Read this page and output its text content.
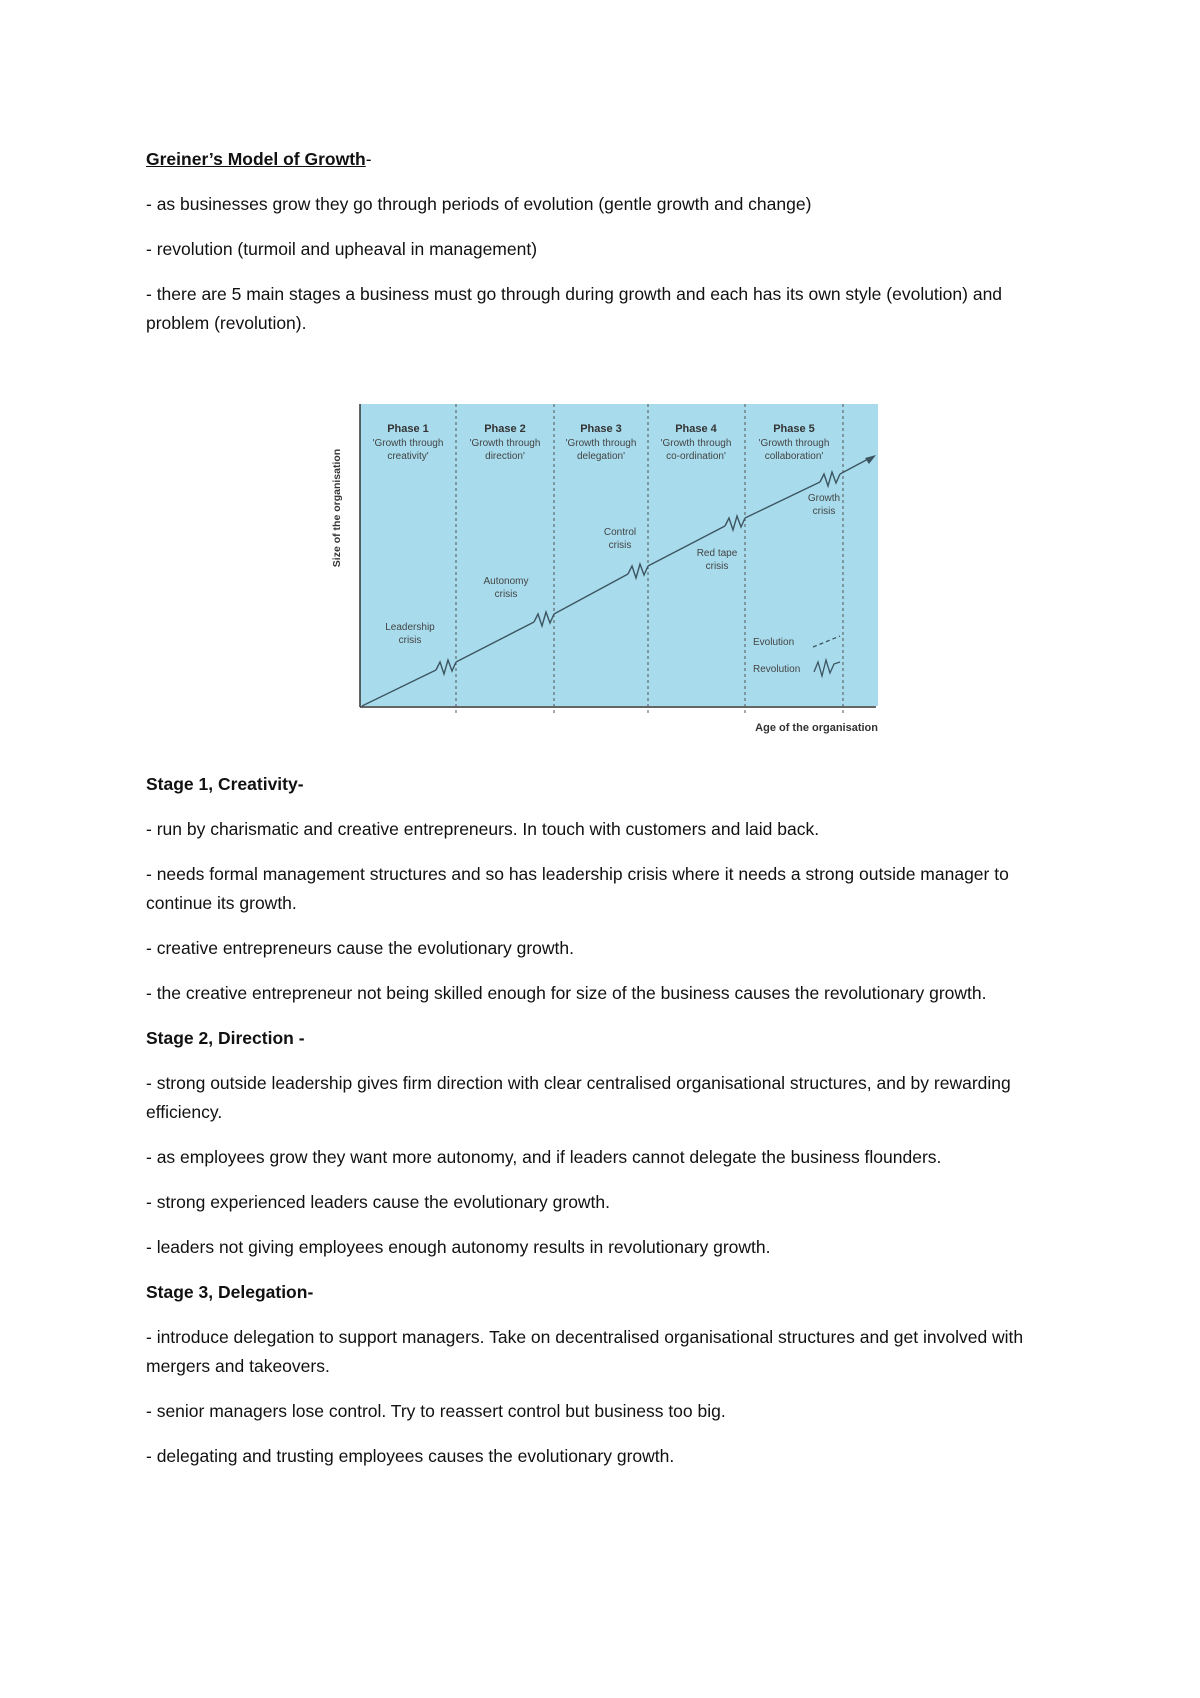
Greiner’s Model of Growth-

- as businesses grow they go through periods of evolution (gentle growth and change)

- revolution (turmoil and upheaval in management)

- there are 5 main stages a business must go through during growth and each has its own style (evolution) and problem (revolution).

Size of the organisation
Age of the organisation
Phase 1
'Growth through
creativity'
Phase 2
'Growth through
direction'
Phase 3
'Growth through
delegation'
Phase 4
'Growth through
co-ordination'
Phase 5
'Growth through
collaboration'
Leadership
crisis
Autonomy
crisis
Control
crisis
Red tape
crisis
Growth
crisis
Evolution
Revolution

Stage 1, Creativity-

- run by charismatic and creative entrepreneurs. In touch with customers and laid back.

- needs formal management structures and so has leadership crisis where it needs a strong outside manager to continue its growth.

- creative entrepreneurs cause the evolutionary growth.

- the creative entrepreneur not being skilled enough for size of the business causes the revolutionary growth.

Stage 2, Direction -

- strong outside leadership gives firm direction with clear centralised organisational structures, and by rewarding efficiency.

- as employees grow they want more autonomy, and if leaders cannot delegate the business flounders.

- strong experienced leaders cause the evolutionary growth.

- leaders not giving employees enough autonomy results in revolutionary growth.

Stage 3, Delegation-

- introduce delegation to support managers. Take on decentralised organisational structures and get involved with mergers and takeovers.

- senior managers lose control. Try to reassert control but business too big.

- delegating and trusting employees causes the evolutionary growth.
